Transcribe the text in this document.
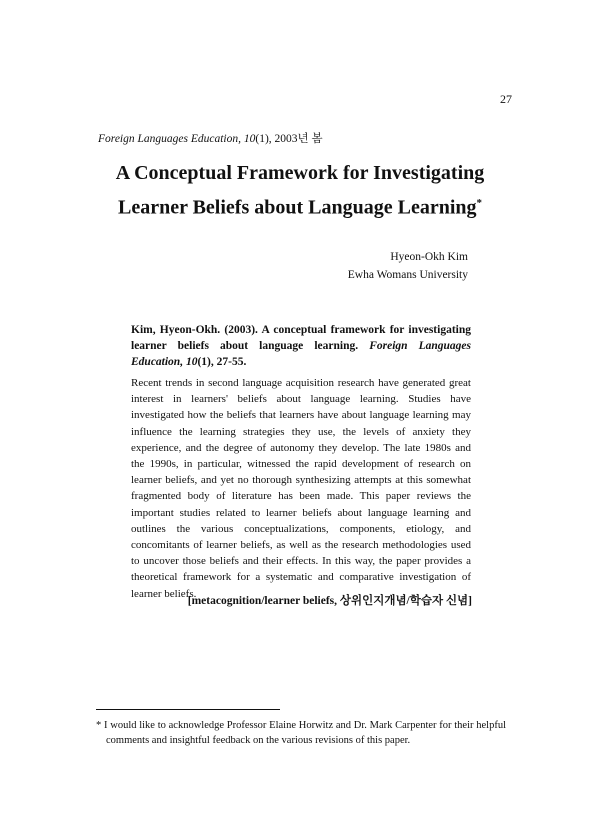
27
Foreign Languages Education, 10(1), 2003년 봄
A Conceptual Framework for Investigating
Learner Beliefs about Language Learning*
Hyeon-Okh Kim
Ewha Womans University
Kim, Hyeon-Okh. (2003). A conceptual framework for investigating learner beliefs about language learning. Foreign Languages Education, 10(1), 27-55.

Recent trends in second language acquisition research have generated great interest in learners' beliefs about language learning. Studies have investigated how the beliefs that learners have about language learning may influence the learning strategies they use, the levels of anxiety they experience, and the degree of autonomy they develop. The late 1980s and the 1990s, in particular, witnessed the rapid development of research on learner beliefs, and yet no thorough synthesizing attempts at this somewhat fragmented body of literature has been made. This paper reviews the important studies related to learner beliefs about language learning and outlines the various conceptualizations, components, etiology, and concomitants of learner beliefs, as well as the research methodologies used to uncover those beliefs and their effects. In this way, the paper provides a theoretical framework for a systematic and comparative investigation of learner beliefs.

[metacognition/learner beliefs, 상위인지개념/학습자 신념]
* I would like to acknowledge Professor Elaine Horwitz and Dr. Mark Carpenter for their helpful comments and insightful feedback on the various revisions of this paper.
